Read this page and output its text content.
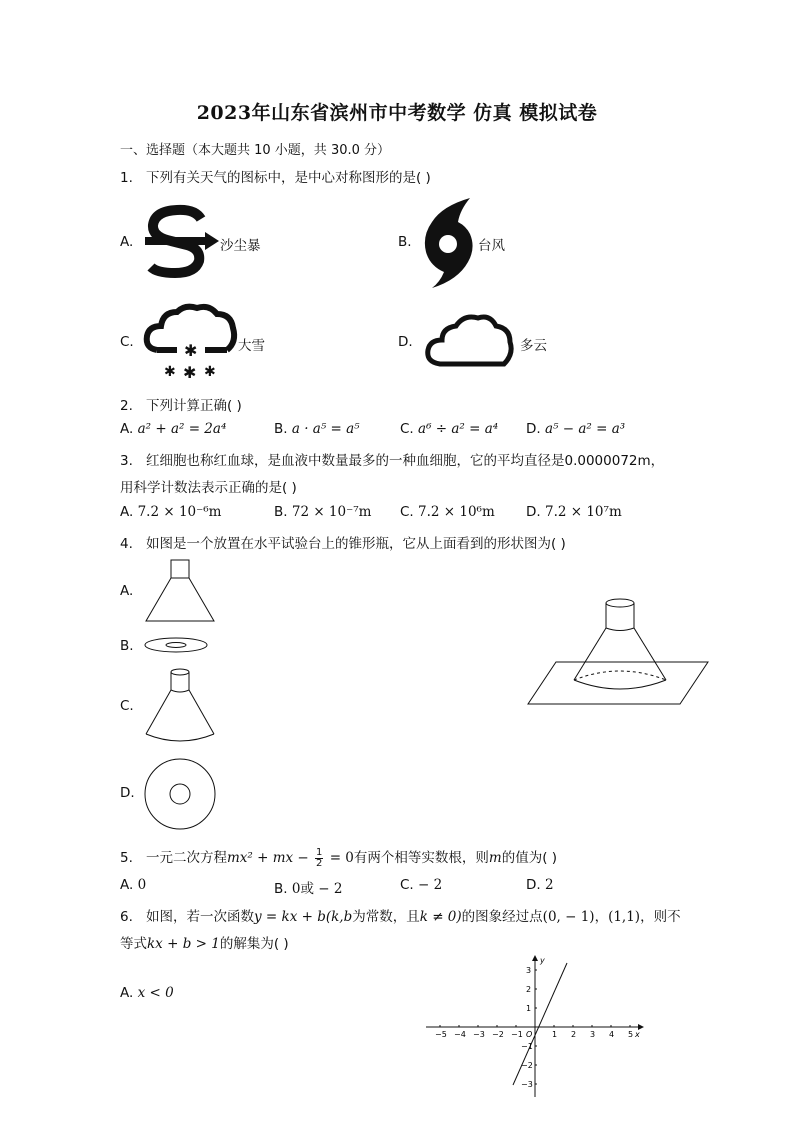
2023年山东省滨州市中考数学 仿真 模拟试卷
一、选择题（本大题共 10 小题，共 30.0 分）
1. 下列有关天气的图标中，是中心对称图形的是( )
A.	沙尘暴	B.	台风
C.	✱
✱ ✱ ✱
大雪	D.	多云
2. 下列计算正确( )
A. a² + a² = 2a⁴	B. a · a⁵ = a⁵	C. a⁶ ÷ a² = a⁴ D. a⁵ − a² = a³
3. 红细胞也称红血球，是血液中数量最多的一种血细胞，它的平均直径是0.0000072m，
用科学计数法表示正确的是( )
A. 7.2 × 10⁻⁶m	B. 72 × 10⁻⁷m C. 7.2 × 10⁶m D. 7.2 × 10⁷m
4. 如图是一个放置在水平试验台上的锥形瓶，它从上面看到的形状图为( )
A.
B.
C.
D.
5. 一元二次方程mx² + mx − $\frac{1}{2} = 0$有两个相等实数根，则m的值为( )
A. 0	B. 0或 − 2	C. − 2	D. 2
6. 如图，若一次函数y = kx + b(k,b为常数，且k ≠ 0)的图象经过点(0, − 1)，(1,1)，则不
等式kx + b > 1的解集为( )
A. x < 0
y
x
O
−5 −4 −3 −2 −1	1 2 3 4 5
3
2
1
−1
−2
−3
